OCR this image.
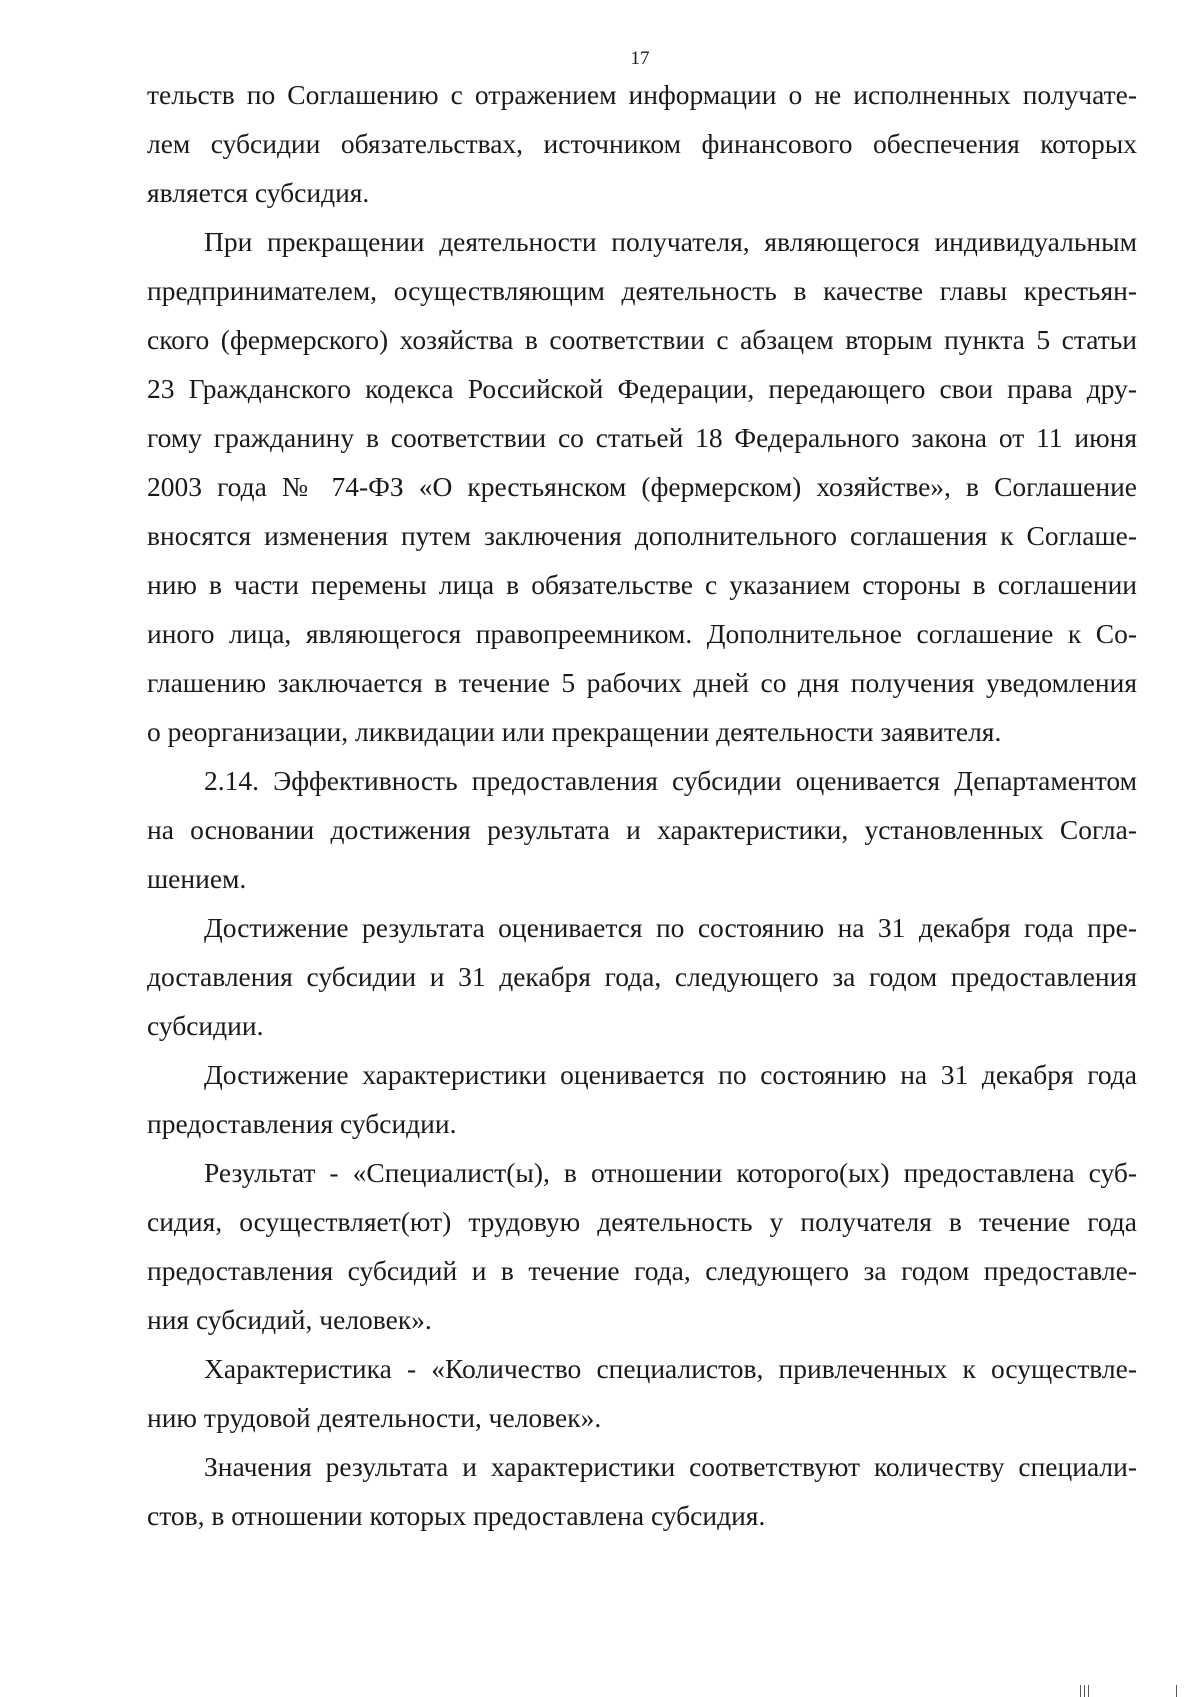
17
тельств по Соглашению с отражением информации о не исполненных получате-
лем субсидии обязательствах, источником финансового обеспечения которых
является субсидия.
При прекращении деятельности получателя, являющегося индивидуальным
предпринимателем, осуществляющим деятельность в качестве главы крестьян-
ского (фермерского) хозяйства в соответствии с абзацем вторым пункта 5 статьи
23 Гражданского кодекса Российской Федерации, передающего свои права дру-
гому гражданину в соответствии со статьей 18 Федерального закона от 11 июня
2003 года № 74-ФЗ «О крестьянском (фермерском) хозяйстве», в Соглашение
вносятся изменения путем заключения дополнительного соглашения к Соглаше-
нию в части перемены лица в обязательстве с указанием стороны в соглашении
иного лица, являющегося правопреемником. Дополнительное соглашение к Со-
глашению заключается в течение 5 рабочих дней со дня получения уведомления
о реорганизации, ликвидации или прекращении деятельности заявителя.
2.14. Эффективность предоставления субсидии оценивается Департаментом
на основании достижения результата и характеристики, установленных Согла-
шением.
Достижение результата оценивается по состоянию на 31 декабря года пре-
доставления субсидии и 31 декабря года, следующего за годом предоставления
субсидии.
Достижение характеристики оценивается по состоянию на 31 декабря года
предоставления субсидии.
Результат - «Специалист(ы), в отношении которого(ых) предоставлена суб-
сидия, осуществляет(ют) трудовую деятельность у получателя в течение года
предоставления субсидий и в течение года, следующего за годом предоставле-
ния субсидий, человек».
Характеристика - «Количество специалистов, привлеченных к осуществле-
нию трудовой деятельности, человек».
Значения результата и характеристики соответствуют количеству специали-
стов, в отношении которых предоставлена субсидия.
